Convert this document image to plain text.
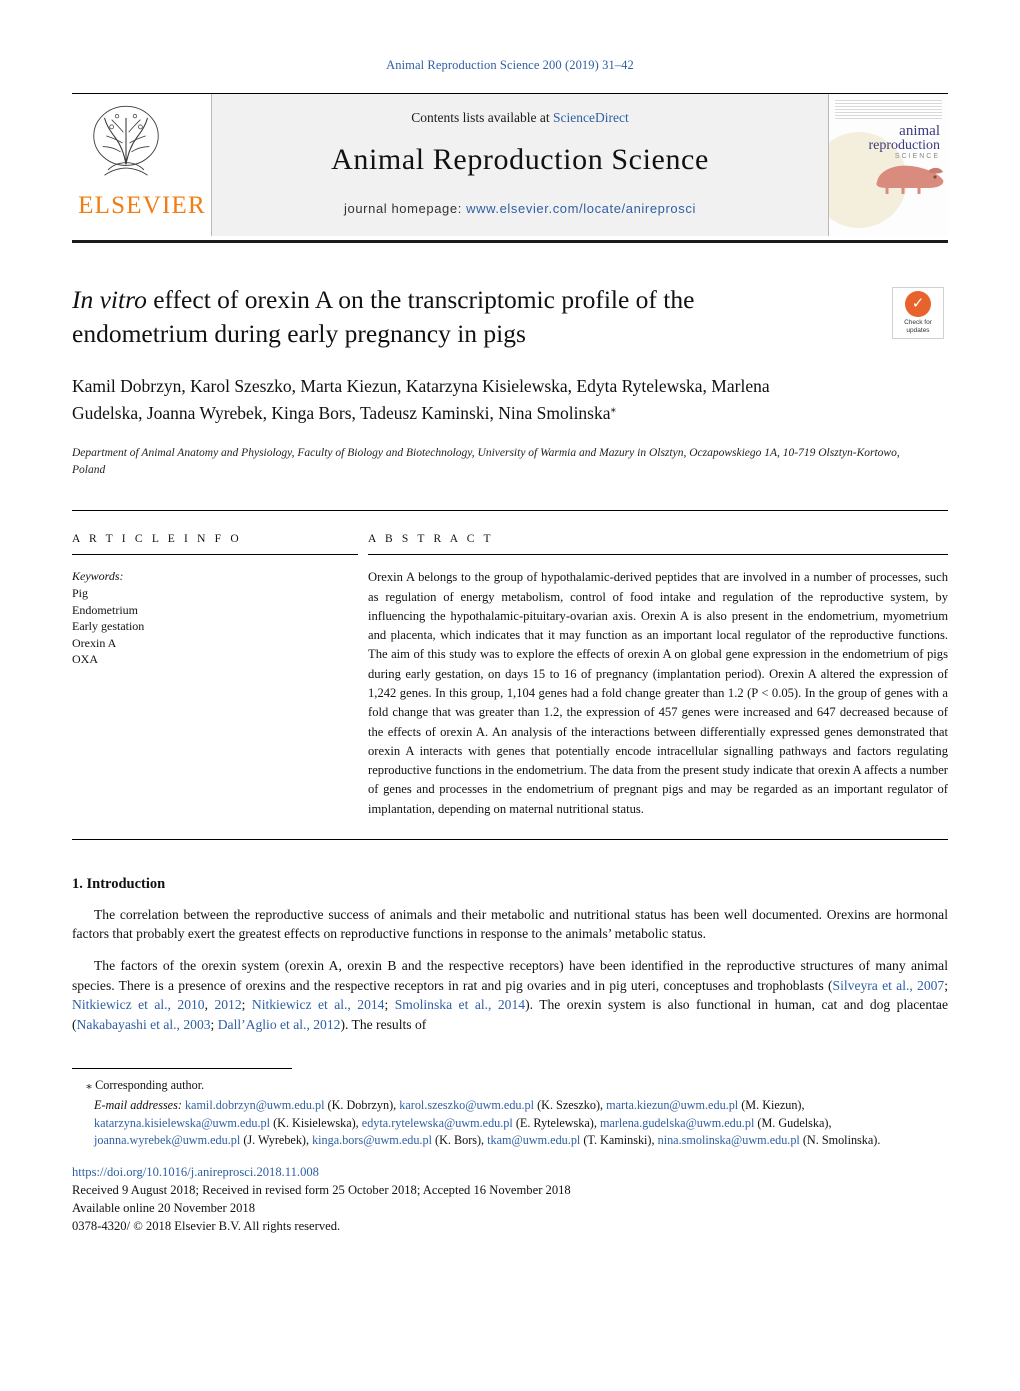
Animal Reproduction Science 200 (2019) 31–42
ELSEVIER
Contents lists available at ScienceDirect
Animal Reproduction Science
journal homepage: www.elsevier.com/locate/anireprosci
animal
reproduction
SCIENCE
In vitro effect of orexin A on the transcriptomic profile of the endometrium during early pregnancy in pigs
✓
Check for
updates
Kamil Dobrzyn, Karol Szeszko, Marta Kiezun, Katarzyna Kisielewska, Edyta Rytelewska, Marlena Gudelska, Joanna Wyrebek, Kinga Bors, Tadeusz Kaminski, Nina Smolinska⁎
Department of Animal Anatomy and Physiology, Faculty of Biology and Biotechnology, University of Warmia and Mazury in Olsztyn, Oczapowskiego 1A, 10-719 Olsztyn-Kortowo, Poland
A R T I C L E I N F O
Keywords:
Pig
Endometrium
Early gestation
Orexin A
OXA
A B S T R A C T
Orexin A belongs to the group of hypothalamic-derived peptides that are involved in a number of processes, such as regulation of energy metabolism, control of food intake and regulation of the reproductive system, by influencing the hypothalamic-pituitary-ovarian axis. Orexin A is also present in the endometrium, myometrium and placenta, which indicates that it may function as an important local regulator of the reproductive functions. The aim of this study was to explore the effects of orexin A on global gene expression in the endometrium of pigs during early gestation, on days 15 to 16 of pregnancy (implantation period). Orexin A altered the expression of 1,242 genes. In this group, 1,104 genes had a fold change greater than 1.2 (P < 0.05). In the group of genes with a fold change that was greater than 1.2, the expression of 457 genes were increased and 647 decreased because of the effects of orexin A. An analysis of the interactions between differentially expressed genes demonstrated that orexin A interacts with genes that potentially encode intracellular signalling pathways and factors regulating reproductive functions in the endometrium. The data from the present study indicate that orexin A affects a number of genes and processes in the endometrium of pregnant pigs and may be regarded as an important regulator of implantation, depending on maternal nutritional status.
1. Introduction
The correlation between the reproductive success of animals and their metabolic and nutritional status has been well documented. Orexins are hormonal factors that probably exert the greatest effects on reproductive functions in response to the animals’ metabolic status.
The factors of the orexin system (orexin A, orexin B and the respective receptors) have been identified in the reproductive structures of many animal species. There is a presence of orexins and the respective receptors in rat and pig ovaries and in pig uteri, conceptuses and trophoblasts (Silveyra et al., 2007; Nitkiewicz et al., 2010, 2012; Nitkiewicz et al., 2014; Smolinska et al., 2014). The orexin system is also functional in human, cat and dog placentae (Nakabayashi et al., 2003; Dall’Aglio et al., 2012). The results of
⁎ Corresponding author.
E-mail addresses: kamil.dobrzyn@uwm.edu.pl (K. Dobrzyn), karol.szeszko@uwm.edu.pl (K. Szeszko), marta.kiezun@uwm.edu.pl (M. Kiezun), katarzyna.kisielewska@uwm.edu.pl (K. Kisielewska), edyta.rytelewska@uwm.edu.pl (E. Rytelewska), marlena.gudelska@uwm.edu.pl (M. Gudelska), joanna.wyrebek@uwm.edu.pl (J. Wyrebek), kinga.bors@uwm.edu.pl (K. Bors), tkam@uwm.edu.pl (T. Kaminski), nina.smolinska@uwm.edu.pl (N. Smolinska).
https://doi.org/10.1016/j.anireprosci.2018.11.008
Received 9 August 2018; Received in revised form 25 October 2018; Accepted 16 November 2018
Available online 20 November 2018
0378-4320/ © 2018 Elsevier B.V. All rights reserved.
